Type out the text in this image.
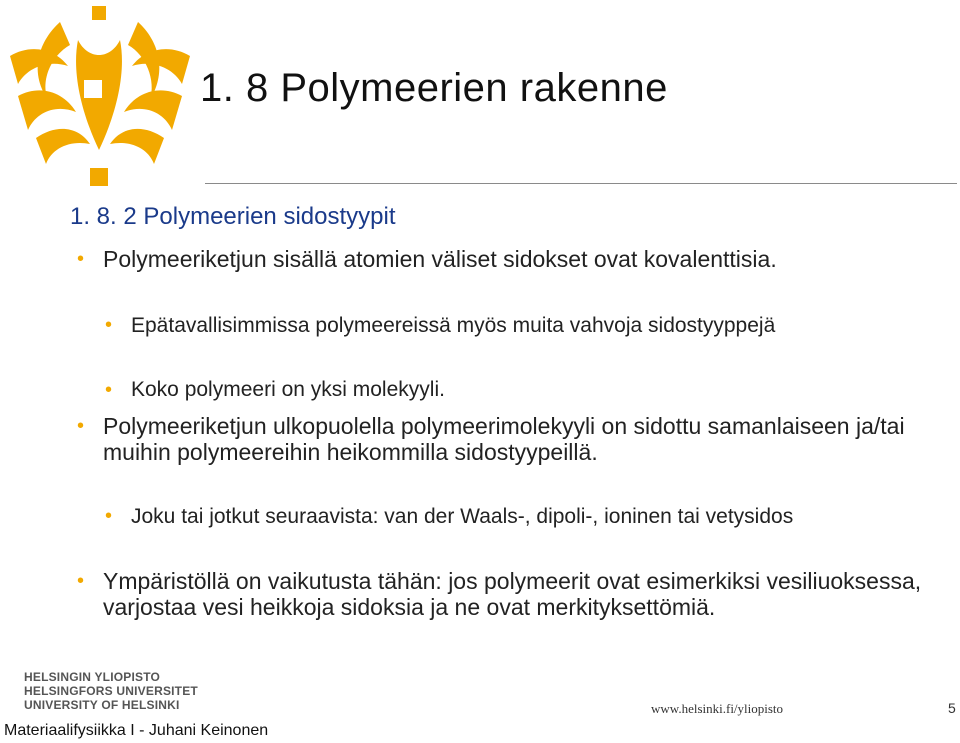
1. 8 Polymeerien rakenne
1. 8. 2 Polymeerien sidostyypit
• Polymeeriketjun sisällä atomien väliset sidokset ovat kovalenttisia.
• Epätavallisimmissa polymeereissä myös muita vahvoja sidostyyppejä
• Koko polymeeri on yksi molekyyli.
• Polymeeriketjun ulkopuolella polymeerimolekyyli on sidottu samanlaiseen ja/tai muihin polymeereihin heikommilla sidostyypeillä.
• Joku tai jotkut seuraavista: van der Waals-, dipoli-, ioninen tai vetysidos
• Ympäristöllä on vaikutusta tähän: jos polymeerit ovat esimerkiksi vesiliuoksessa, varjostaa vesi heikkoja sidoksia ja ne ovat merkityksettömiä.
HELSINGIN YLIOPISTO
HELSINGFORS UNIVERSITET
UNIVERSITY OF HELSINKI
Materiaalifysiikka I - Juhani Keinonen
www.helsinki.fi/yliopisto	5
